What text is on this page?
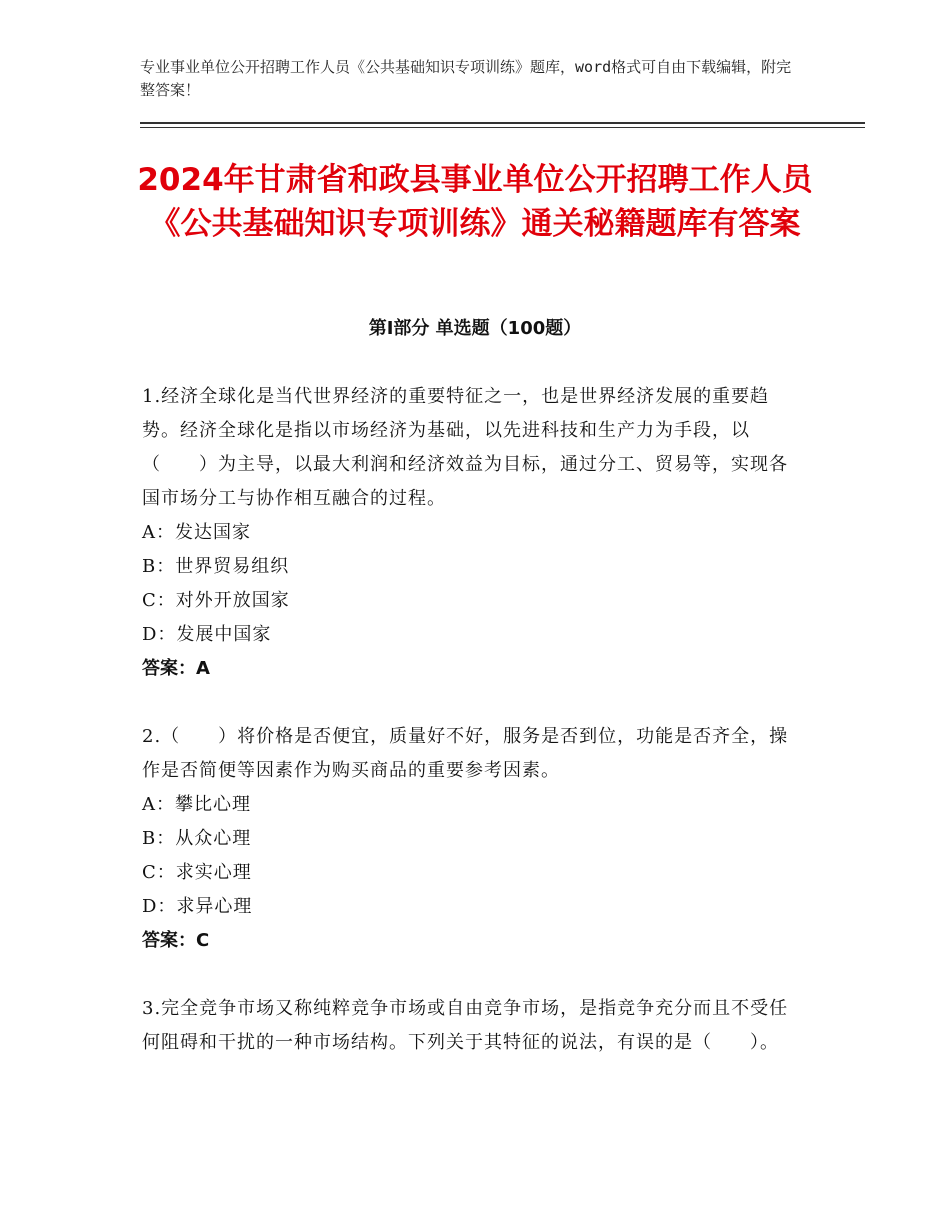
专业事业单位公开招聘工作人员《公共基础知识专项训练》题库，word格式可自由下载编辑，附完整答案！
2024年甘肃省和政县事业单位公开招聘工作人员《公共基础知识专项训练》通关秘籍题库有答案
第Ⅰ部分 单选题（100题）
1.经济全球化是当代世界经济的重要特征之一，也是世界经济发展的重要趋势。经济全球化是指以市场经济为基础，以先进科技和生产力为手段，以（　　）为主导，以最大利润和经济效益为目标，通过分工、贸易等，实现各国市场分工与协作相互融合的过程。
A：发达国家
B：世界贸易组织
C：对外开放国家
D：发展中国家
答案：A
2.（　　）将价格是否便宜，质量好不好，服务是否到位，功能是否齐全，操作是否简便等因素作为购买商品的重要参考因素。
A：攀比心理
B：从众心理
C：求实心理
D：求异心理
答案：C
3.完全竞争市场又称纯粹竞争市场或自由竞争市场，是指竞争充分而且不受任何阻碍和干扰的一种市场结构。下列关于其特征的说法，有误的是（　　）。
